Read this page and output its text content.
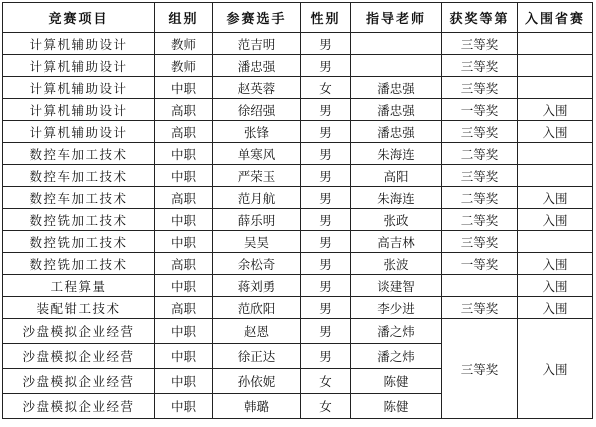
竞赛项目	组别	参赛选手	性别	指导老师	获奖等第	入围省赛
计算机辅助设计	教师	范吉明	男		三等奖	
计算机辅助设计	教师	潘忠强	男		三等奖	
计算机辅助设计	中职	赵英蓉	女	潘忠强	三等奖	
计算机辅助设计	高职	徐绍强	男	潘忠强	一等奖	入围
计算机辅助设计	高职	张锋	男	潘忠强	三等奖	入围
数控车加工技术	中职	单寒风	男	朱海连	二等奖	
数控车加工技术	中职	严荣玉	男	高阳	三等奖	
数控车加工技术	高职	范月航	男	朱海连	二等奖	入围
数控铣加工技术	中职	薛乐明	男	张政	二等奖	入围
数控铣加工技术	中职	吴昊	男	高吉林	三等奖	
数控铣加工技术	高职	余松奇	男	张波	一等奖	入围
工程算量	中职	蒋刘勇	男	谈建智		入围
装配钳工技术	高职	范欣阳	男	李少进	三等奖	入围
沙盘模拟企业经营	中职	赵恩	男	潘之炜	三等奖	入围
沙盘模拟企业经营	中职	徐正达	男	潘之炜		
沙盘模拟企业经营	中职	孙依妮	女	陈健		
沙盘模拟企业经营	中职	韩璐	女	陈健		
